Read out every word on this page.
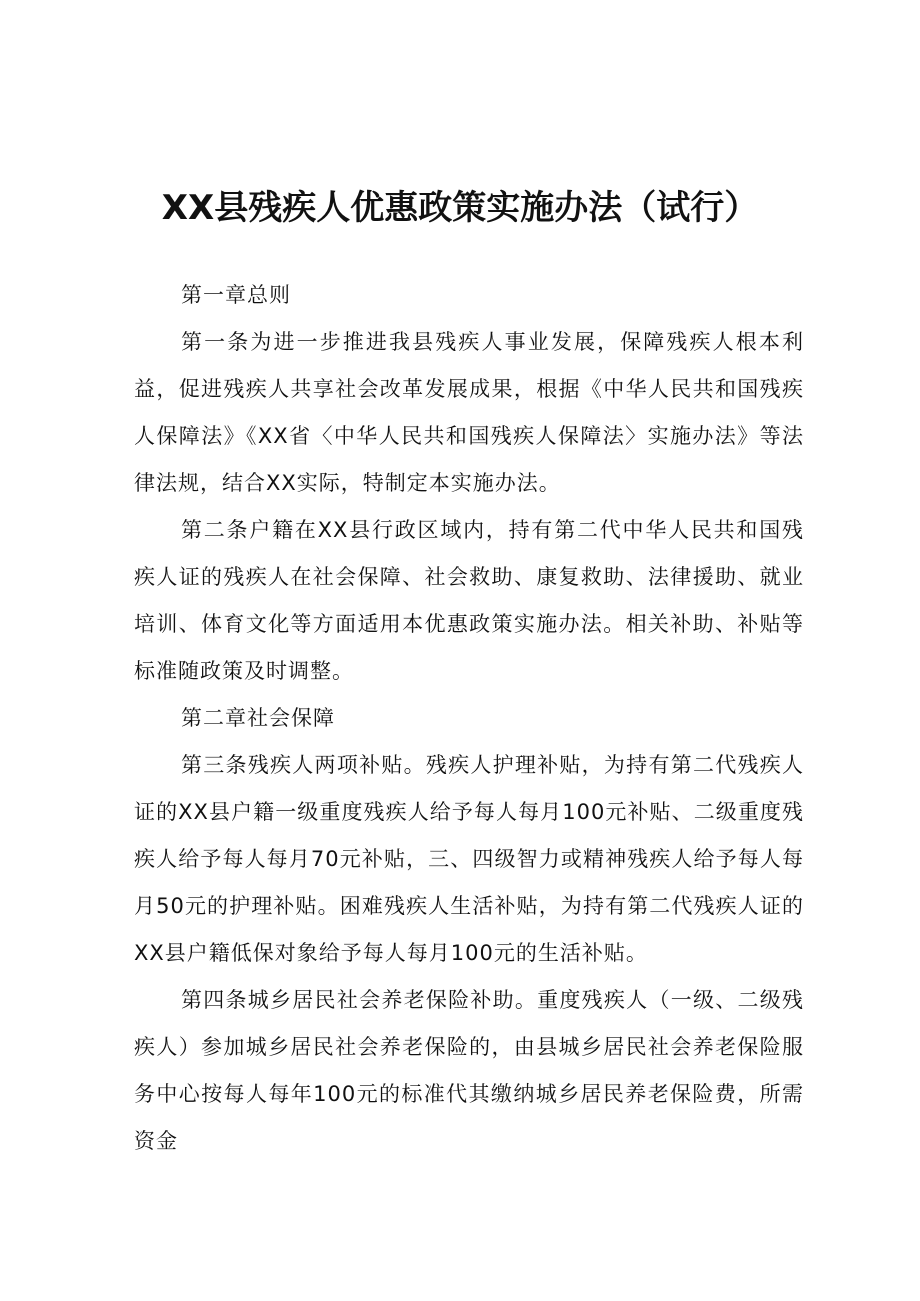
XX县残疾人优惠政策实施办法（试行）

第一章总则

第一条为进一步推进我县残疾人事业发展，保障残疾人根本利益，促进残疾人共享社会改革发展成果，根据《中华人民共和国残疾人保障法》《XX省〈中华人民共和国残疾人保障法〉实施办法》等法律法规，结合XX实际，特制定本实施办法。

第二条户籍在XX县行政区域内，持有第二代中华人民共和国残疾人证的残疾人在社会保障、社会救助、康复救助、法律援助、就业培训、体育文化等方面适用本优惠政策实施办法。相关补助、补贴等标准随政策及时调整。

第二章社会保障

第三条残疾人两项补贴。残疾人护理补贴，为持有第二代残疾人证的XX县户籍一级重度残疾人给予每人每月100元补贴、二级重度残疾人给予每人每月70元补贴，三、四级智力或精神残疾人给予每人每月50元的护理补贴。困难残疾人生活补贴，为持有第二代残疾人证的XX县户籍低保对象给予每人每月100元的生活补贴。

第四条城乡居民社会养老保险补助。重度残疾人（一级、二级残疾人）参加城乡居民社会养老保险的，由县城乡居民社会养老保险服务中心按每人每年100元的标准代其缴纳城乡居民养老保险费，所需资金
